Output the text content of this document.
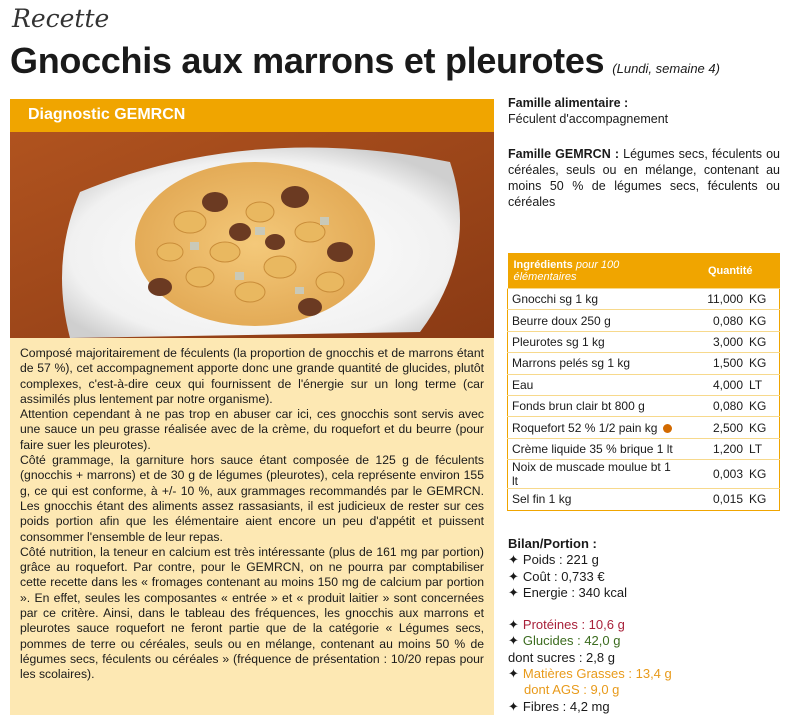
Recette
Gnocchis aux marrons et pleurotes (Lundi, semaine 4)
Diagnostic GEMRCN

Composé majoritairement de féculents (la proportion de gnocchis et de marrons étant de 57 %), cet accompagnement apporte donc une grande quantité de glucides, plutôt complexes, c'est-à-dire ceux qui fournissent de l'énergie sur un long terme (car assimilés plus lentement par notre organisme).

Attention cependant à ne pas trop en abuser car ici, ces gnocchis sont servis avec une sauce un peu grasse réalisée avec de la crème, du roquefort et du beurre (pour faire suer les pleurotes).

Côté grammage, la garniture hors sauce étant composée de 125 g de féculents (gnocchis + marrons) et de 30 g de légumes (pleurotes), cela représente environ 155 g, ce qui est conforme, à +/- 10 %, aux grammages recommandés par le GEMRCN. Les gnocchis étant des aliments assez rassasiants, il est judicieux de rester sur ces poids portion afin que les élémentaire aient encore un peu d'appétit et puissent consommer l'ensemble de leur repas.

Côté nutrition, la teneur en calcium est très intéressante (plus de 161 mg par portion) grâce au roquefort. Par contre, pour le GEMRCN, on ne pourra par comptabiliser cette recette dans les « fromages contenant au moins 150 mg de calcium par portion ». En effet, seules les composantes « entrée » et « produit laitier » sont concernées par ce critère. Ainsi, dans le tableau des fréquences, les gnocchis aux marrons et pleurotes sauce roquefort ne feront partie que de la catégorie « Légumes secs, pommes de terre ou céréales, seuls ou en mélange, contenant au moins 50 % de légumes secs, féculents ou céréales » (fréquence de présentation : 10/20 repas pour les scolaires).

Famille alimentaire :
Féculent d'accompagnement
Famille GEMRCN : Légumes secs, féculents ou céréales, seuls ou en mélange, contenant au moins 50 % de légumes secs, féculents ou céréales
Ingrédients pour 100 élémentaires	Quantité	
Gnocchi sg 1 kg	11,000	KG
Beurre doux 250 g	0,080	KG
Pleurotes sg 1 kg	3,000	KG
Marrons pelés sg 1 kg	1,500	KG
Eau	4,000	LT
Fonds brun clair bt 800 g	0,080	KG
Roquefort 52 % 1/2 pain kg	2,500	KG
Crème liquide 35 % brique 1 lt	1,200	LT
Noix de muscade moulue bt 1 lt	0,003	KG
Sel fin 1 kg	0,015	KG
Bilan/Portion :
✦ Poids : 221 g
✦ Coût : 0,733 €
✦ Energie : 340 kcal
✦ Protéines : 10,6 g
✦ Glucides : 42,0 g
dont sucres : 2,8 g
✦ Matières Grasses : 13,4 g
dont AGS : 9,0 g
✦ Fibres : 4,2 mg
